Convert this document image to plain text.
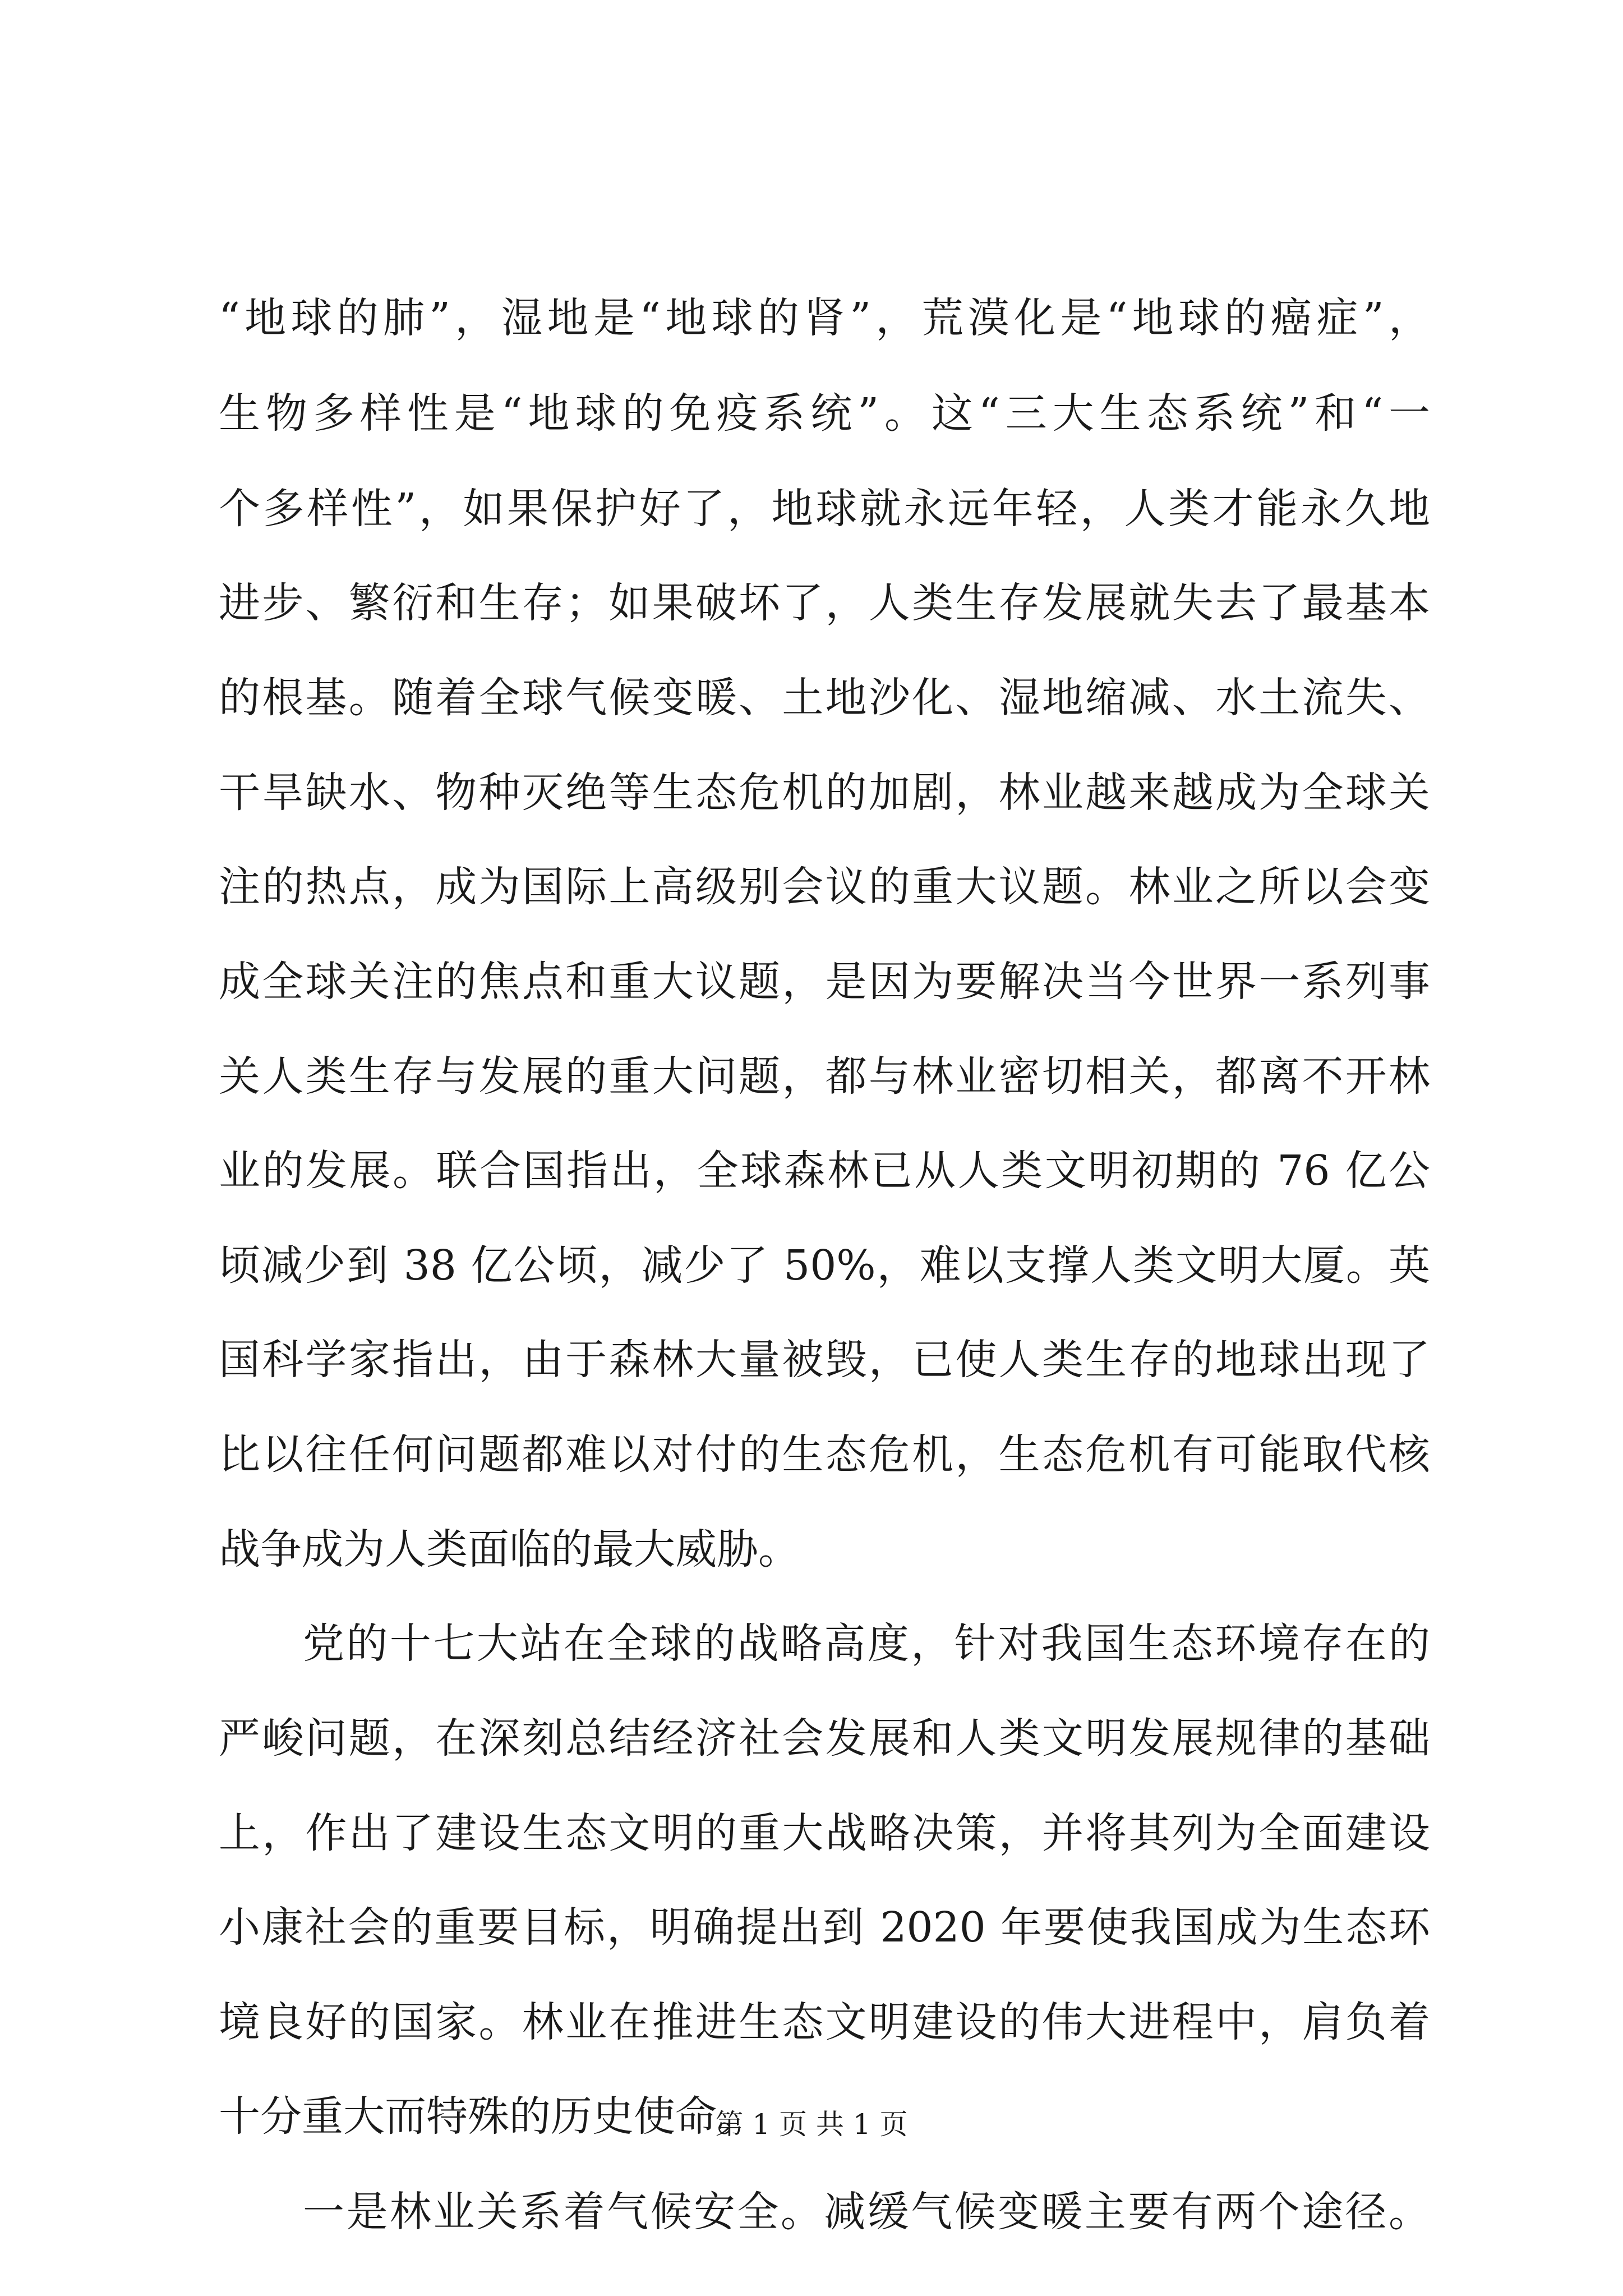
“地球的肺”，湿地是“地球的肾”，荒漠化是“地球的癌症”，
生物多样性是“地球的免疫系统”。这“三大生态系统”和“一
个多样性”，如果保护好了，地球就永远年轻，人类才能永久地
进步、繁衍和生存；如果破坏了，人类生存发展就失去了最基本
的根基。随着全球气候变暖、土地沙化、湿地缩减、水土流失、
干旱缺水、物种灭绝等生态危机的加剧，林业越来越成为全球关
注的热点，成为国际上高级别会议的重大议题。林业之所以会变
成全球关注的焦点和重大议题，是因为要解决当今世界一系列事
关人类生存与发展的重大问题，都与林业密切相关，都离不开林
业的发展。联合国指出，全球森林已从人类文明初期的 76 亿公
顷减少到 38 亿公顷，减少了 50%，难以支撑人类文明大厦。英
国科学家指出，由于森林大量被毁，已使人类生存的地球出现了
比以往任何问题都难以对付的生态危机，生态危机有可能取代核
战争成为人类面临的最大威胁。
党的十七大站在全球的战略高度，针对我国生态环境存在的
严峻问题，在深刻总结经济社会发展和人类文明发展规律的基础
上，作出了建设生态文明的重大战略决策，并将其列为全面建设
小康社会的重要目标，明确提出到 2020 年要使我国成为生态环
境良好的国家。林业在推进生态文明建设的伟大进程中，肩负着
十分重大而特殊的历史使命。
一是林业关系着气候安全。减缓气候变暖主要有两个途径。
第 1 页 共 1 页
